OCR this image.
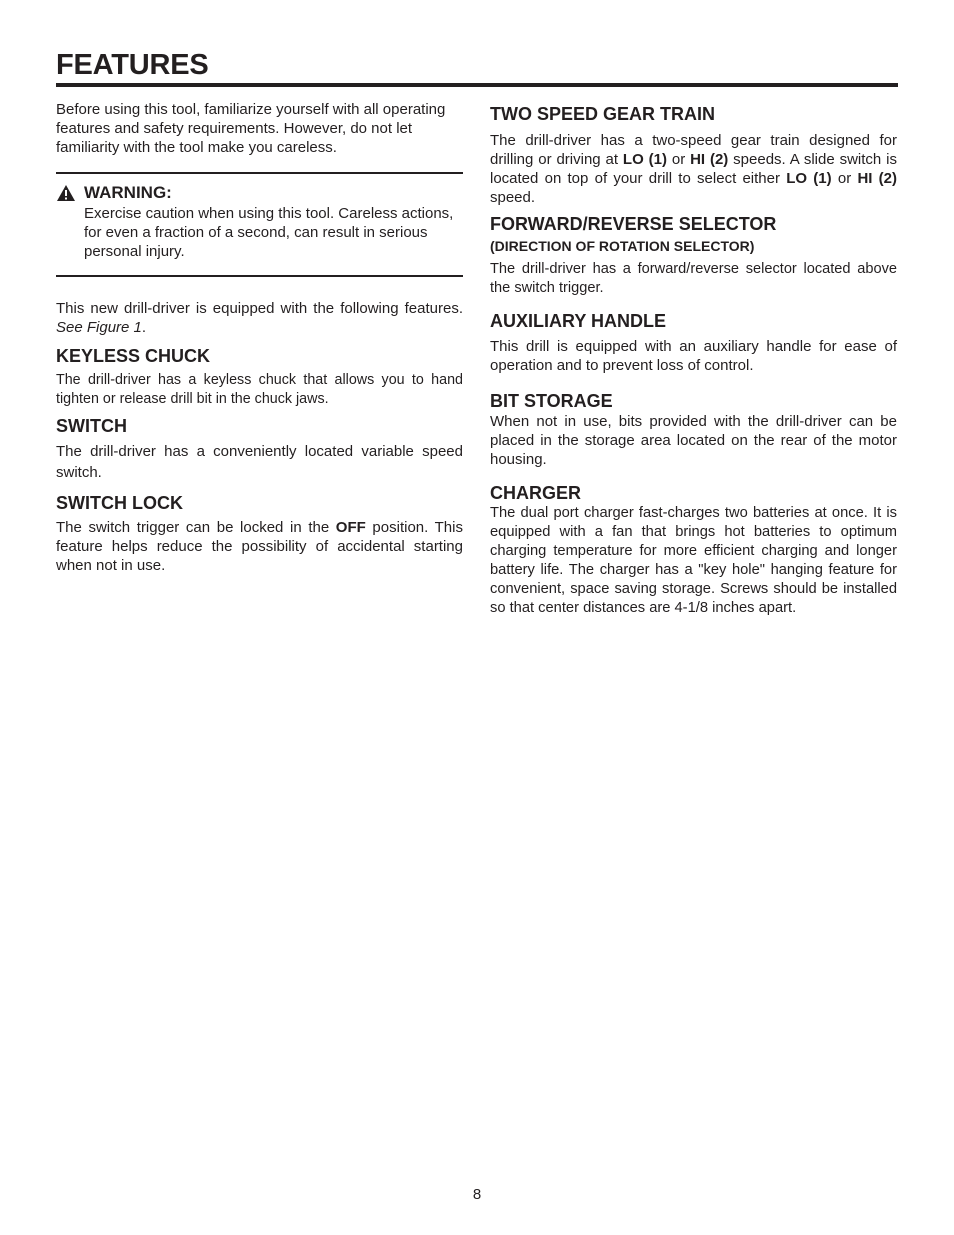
FEATURES

Before using this tool, familiarize yourself with all operating features and safety requirements. However, do not let familiarity with the tool make you careless.

WARNING:

Exercise caution when using this tool. Careless actions, for even a fraction of a second, can result in serious personal injury.

This new drill-driver is equipped with the following features. See Figure 1.

KEYLESS CHUCK

The drill-driver has a keyless chuck that allows you to hand tighten or release drill bit in the chuck jaws.

SWITCH

The drill-driver has a conveniently located variable speed switch.

SWITCH LOCK

The switch trigger can be locked in the OFF position. This feature helps reduce the possibility of accidental starting when not in use.

TWO SPEED GEAR TRAIN

The drill-driver has a two-speed gear train designed for drilling or driving at LO (1) or HI (2) speeds. A slide switch is located on top of your drill to select either LO (1) or HI (2) speed.

FORWARD/REVERSE SELECTOR
(DIRECTION OF ROTATION SELECTOR)

The drill-driver has a forward/reverse selector located above the switch trigger.

AUXILIARY HANDLE

This drill is equipped with an auxiliary handle for ease of operation and to prevent loss of control.

BIT STORAGE

When not in use, bits provided with the drill-driver can be placed in the storage area located on the rear of the motor housing.

CHARGER

The dual port charger fast-charges two batteries at once. It is equipped with a fan that brings hot batteries to optimum charging temperature for more efficient charging and longer battery life. The charger has a "key hole" hanging feature for convenient, space saving storage. Screws should be installed so that center distances are 4-1/8 inches apart.

8
